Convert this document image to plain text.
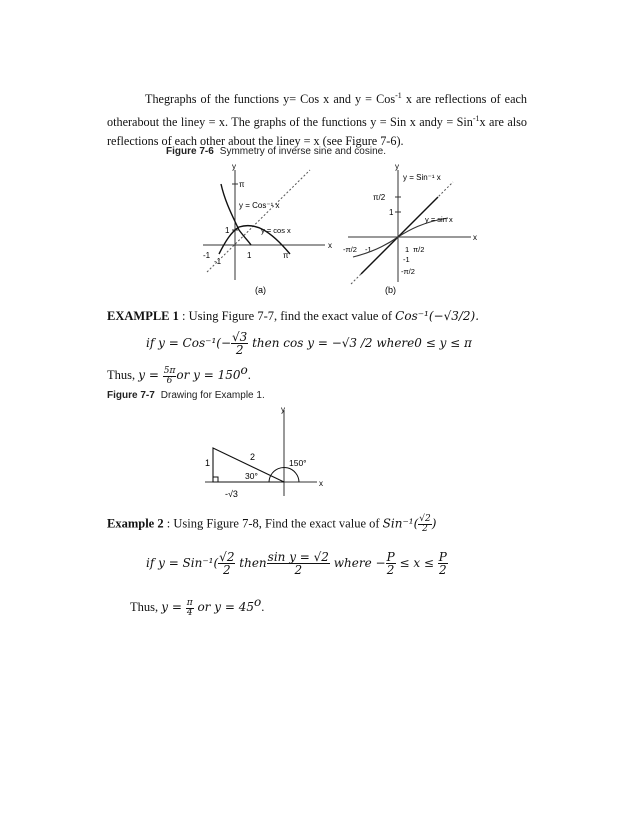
Thegraphs of the functions y= Cos x and y = Cos$^{-1}$ x are reflections of each otherabout the liney = x. The graphs of the functions y = Sin x andy = Sin$^{-1}$x are also reflections of each other about the liney = x (see Figure 7-6).
Figure 7-6 Symmetry of inverse sine and cosine.
y
x
π
1
-1
-1
1	π
y = Cos⁻¹ x
y = cos x
(a)
y
x
π/2
1
-π/2 -1	1 π/2
-1
-π/2
y = Sin⁻¹ x
y = sin x
(b)
EXAMPLE 1 : Using Figure 7-7, find the exact value of Cos⁻¹(−√3/2).
if $y = Cos^{-1}(- \frac{√3}{2}$ then cos y = −√3 /2 where0 ≤ y ≤ π
Thus, $y = \frac{5\pi}{6}$ or $y = 150^o$.
Figure 7-7 Drawing for Example 1.
y
x
1
2
30°
150°
-√3
Example 2 : Using Figure 7-8, Find the exact value of $Sin^{-1}( \frac{√2}{2}$ )
if $y = Sin^{-1}( \frac{√2}{2}$ then $\frac{\text{sin y = √2}}{2}$ where − $\frac{P}{2} \le x \le \frac{P}{2}$
Thus, $y = \frac{\pi}{4}$ or $y = 45^o$.
